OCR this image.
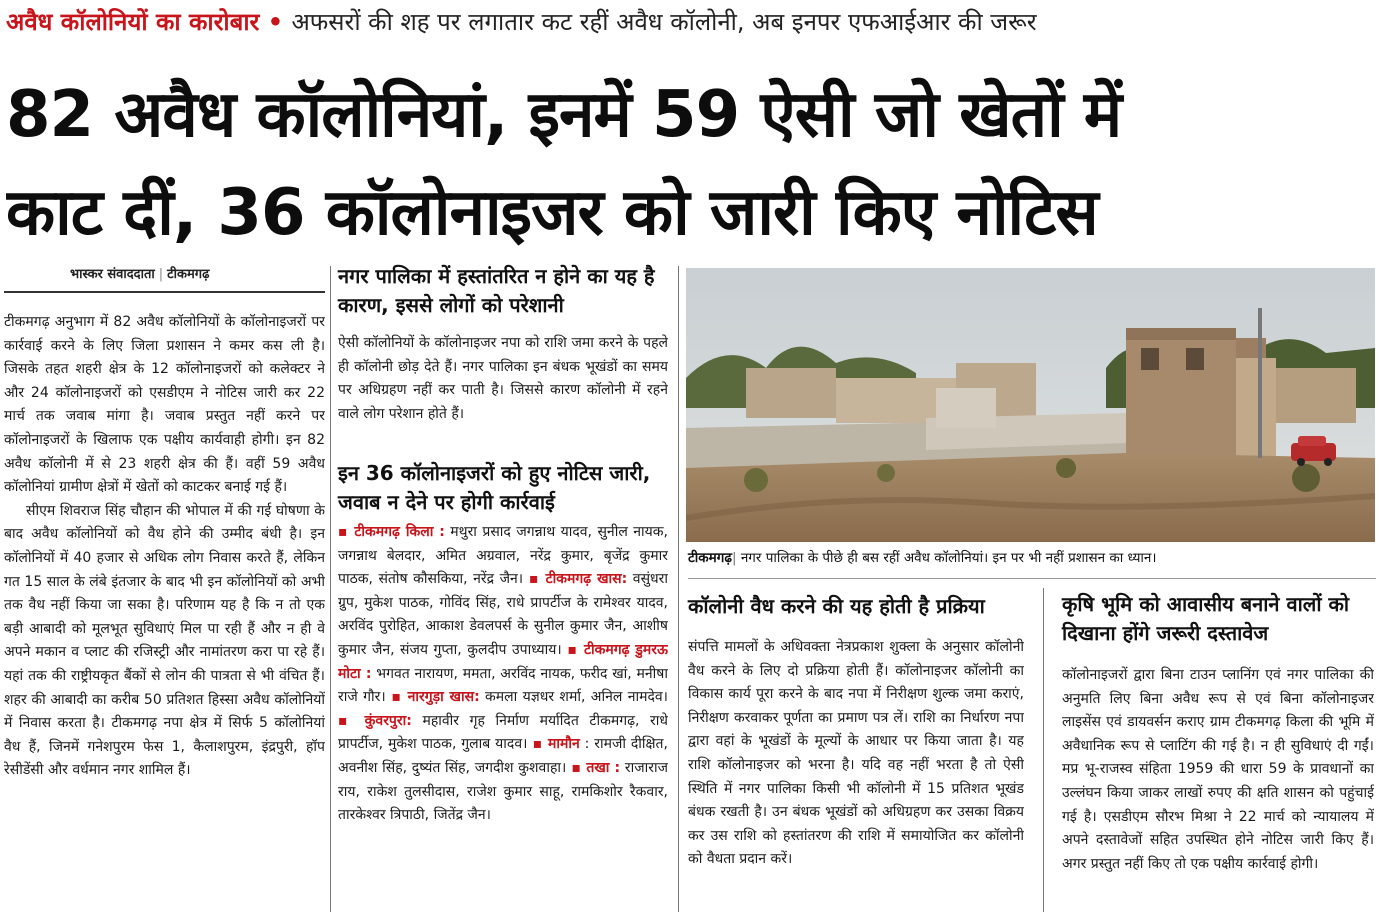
अवैध कॉलोनियों का कारोबार • अफसरों की शह पर लगातार कट रहीं अवैध कॉलोनी, अब इनपर एफआईआर की जरूर
82 अवैध कॉलोनियां, इनमें 59 ऐसी जो खेतों में
काट दीं, 36 कॉलोनाइजर को जारी किए नोटिस
भास्कर संवाददाता | टीकमगढ़

टीकमगढ़ अनुभाग में 82 अवैध कॉलोनियों के कॉलोनाइजरों पर कार्रवाई करने के लिए जिला प्रशासन ने कमर कस ली है। जिसके तहत शहरी क्षेत्र के 12 कॉलोनाइजरों को कलेक्टर ने और 24 कॉलोनाइजरों को एसडीएम ने नोटिस जारी कर 22 मार्च तक जवाब मांगा है। जवाब प्रस्तुत नहीं करने पर कॉलोनाइजरों के खिलाफ एक पक्षीय कार्यवाही होगी। इन 82 अवैध कॉलोनी में से 23 शहरी क्षेत्र की हैं। वहीं 59 अवैध कॉलोनियां ग्रामीण क्षेत्रों में खेतों को काटकर बनाई गई हैं।

सीएम शिवराज सिंह चौहान की भोपाल में की गई घोषणा के बाद अवैध कॉलोनियों को वैध होने की उम्मीद बंधी है। इन कॉलोनियों में 40 हजार से अधिक लोग निवास करते हैं, लेकिन गत 15 साल के लंबे इंतजार के बाद भी इन कॉलोनियों को अभी तक वैध नहीं किया जा सका है। परिणाम यह है कि न तो एक बड़ी आबादी को मूलभूत सुविधाएं मिल पा रही हैं और न ही वे अपने मकान व प्लाट की रजिस्ट्री और नामांतरण करा पा रहे हैं। यहां तक की राष्ट्रीयकृत बैंकों से लोन की पात्रता से भी वंचित हैं। शहर की आबादी का करीब 50 प्रतिशत हिस्सा अवैध कॉलोनियों में निवास करता है। टीकमगढ़ नपा क्षेत्र में सिर्फ 5 कॉलोनियां वैध हैं, जिनमें गनेशपुरम फेस 1, कैलाशपुरम, इंद्रपुरी, हॉप रेसीडेंसी और वर्धमान नगर शामिल हैं।

नगर पालिका में हस्तांतरित न होने का यह है कारण, इससे लोगों को परेशानी

ऐसी कॉलोनियों के कॉलोनाइजर नपा को राशि जमा करने के पहले ही कॉलोनी छोड़ देते हैं। नगर पालिका इन बंधक भूखंडों का समय पर अधिग्रहण नहीं कर पाती है। जिससे कारण कॉलोनी में रहने वाले लोग परेशान होते हैं।

इन 36 कॉलोनाइजरों को हुए नोटिस जारी, जवाब न देने पर होगी कार्रवाई

▪ टीकमगढ़ किला : मथुरा प्रसाद जगन्नाथ यादव, सुनील नायक, जगन्नाथ बेलदार, अमित अग्रवाल, नरेंद्र कुमार, बृजेंद्र कुमार पाठक, संतोष कौसकिया, नरेंद्र जैन। ▪ टीकमगढ़ खास: वसुंधरा ग्रुप, मुकेश पाठक, गोविंद सिंह, राधे प्रापर्टीज के रामेश्वर यादव, अरविंद पुरोहित, आकाश डेवलपर्स के सुनील कुमार जैन, आशीष कुमार जैन, संजय गुप्ता, कुलदीप उपाध्याय। ▪ टीकमगढ़ डुमरऊ मोटा : भगवत नारायण, ममता, अरविंद नायक, फरीद खां, मनीषा राजे गौर। ▪ नारगुड़ा खास: कमला यज्ञधर शर्मा, अनिल नामदेव। ▪ कुंवरपुरा: महावीर गृह निर्माण मर्यादित टीकमगढ़, राधे प्रापर्टीज, मुकेश पाठक, गुलाब यादव। ▪ मामौन : रामजी दीक्षित, अवनीश सिंह, दुष्यंत सिंह, जगदीश कुशवाहा। ▪ तखा : राजाराज राय, राकेश तुलसीदास, राजेश कुमार साहू, रामकिशोर रैकवार, तारकेश्वर त्रिपाठी, जितेंद्र जैन।

टीकमगढ़| नगर पालिका के पीछे ही बस रहीं अवैध कॉलोनियां। इन पर भी नहीं प्रशासन का ध्यान।
कॉलोनी वैध करने की यह होती है प्रक्रिया

संपत्ति मामलों के अधिवक्ता नेत्रप्रकाश शुक्ला के अनुसार कॉलोनी वैध करने के लिए दो प्रक्रिया होती हैं। कॉलोनाइजर कॉलोनी का विकास कार्य पूरा करने के बाद नपा में निरीक्षण शुल्क जमा कराएं, निरीक्षण करवाकर पूर्णता का प्रमाण पत्र लें। राशि का निर्धारण नपा द्वारा वहां के भूखंडों के मूल्यों के आधार पर किया जाता है। यह राशि कॉलोनाइजर को भरना है। यदि वह नहीं भरता है तो ऐसी स्थिति में नगर पालिका किसी भी कॉलोनी में 15 प्रतिशत भूखंड बंधक रखती है। उन बंधक भूखंडों को अधिग्रहण कर उसका विक्रय कर उस राशि को हस्तांतरण की राशि में समायोजित कर कॉलोनी को वैधता प्रदान करें।

कृषि भूमि को आवासीय बनाने वालों को दिखाना होंगे जरूरी दस्तावेज

कॉलोनाइजरों द्वारा बिना टाउन प्लानिंग एवं नगर पालिका की अनुमति लिए बिना अवैध रूप से एवं बिना कॉलोनाइजर लाइसेंस एवं डायवर्सन कराए ग्राम टीकमगढ़ किला की भूमि में अवैधानिक रूप से प्लाटिंग की गई है। न ही सुविधाएं दी गईं। मप्र भू-राजस्व संहिता 1959 की धारा 59 के प्रावधानों का उल्लंघन किया जाकर लाखों रुपए की क्षति शासन को पहुंचाई गई है। एसडीएम सौरभ मिश्रा ने 22 मार्च को न्यायालय में अपने दस्तावेजों सहित उपस्थित होने नोटिस जारी किए हैं। अगर प्रस्तुत नहीं किए तो एक पक्षीय कार्रवाई होगी।
